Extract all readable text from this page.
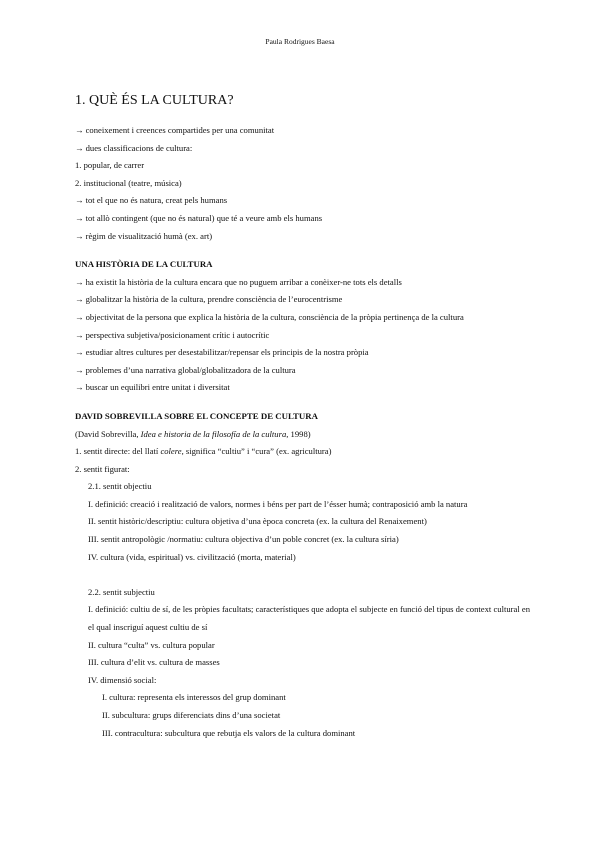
Paula Rodrigues Baesa
1. QUÈ ÉS LA CULTURA?
→ coneixement i creences compartides per una comunitat
→ dues classificacions de cultura:
1. popular, de carrer
2. institucional (teatre, música)
→ tot el que no és natura, creat pels humans
→ tot allò contingent (que no és natural) que té a veure amb els humans
→ règim de visualització humà (ex. art)
UNA HISTÒRIA DE LA CULTURA
→ ha existit la història de la cultura encara que no puguem arribar a conèixer-ne tots els detalls
→ globalitzar la història de la cultura, prendre consciència de l’eurocentrisme
→ objectivitat de la persona que explica la història de la cultura, consciència de la pròpia pertinença de la cultura
→ perspectiva subjetiva/posicionament crític i autocrític
→ estudiar altres cultures per desestabilitzar/repensar els principis de la nostra pròpia
→ problemes d’una narrativa global/globalitzadora de la cultura
→ buscar un equilibri entre unitat i diversitat
DAVID SOBREVILLA SOBRE EL CONCEPTE DE CULTURA
(David Sobrevilla, Idea e historia de la filosofía de la cultura, 1998)
1. sentit directe: del llatí colere, significa “cultiu” i “cura” (ex. agricultura)
2. sentit figurat:
2.1. sentit objectiu
I. definició: creació i realització de valors, normes i béns per part de l’ésser humà; contraposició amb la natura
II. sentit històric/descriptiu: cultura objetiva d’una època concreta (ex. la cultura del Renaixement)
III. sentit antropològic /normatiu: cultura objectiva d’un poble concret (ex. la cultura síria)
IV. cultura (vida, espiritual) vs. civilització (morta, material)
2.2. sentit subjectiu
I. definició: cultiu de sí, de les pròpies facultats; característiques que adopta el subjecte en funció del tipus de context cultural en el qual inscriguí aquest cultiu de sí
II. cultura “culta” vs. cultura popular
III. cultura d’elit vs. cultura de masses
IV. dimensió social:
I. cultura: representa els interessos del grup dominant
II. subcultura: grups diferenciats dins d’una societat
III. contracultura: subcultura que rebutja els valors de la cultura dominant
